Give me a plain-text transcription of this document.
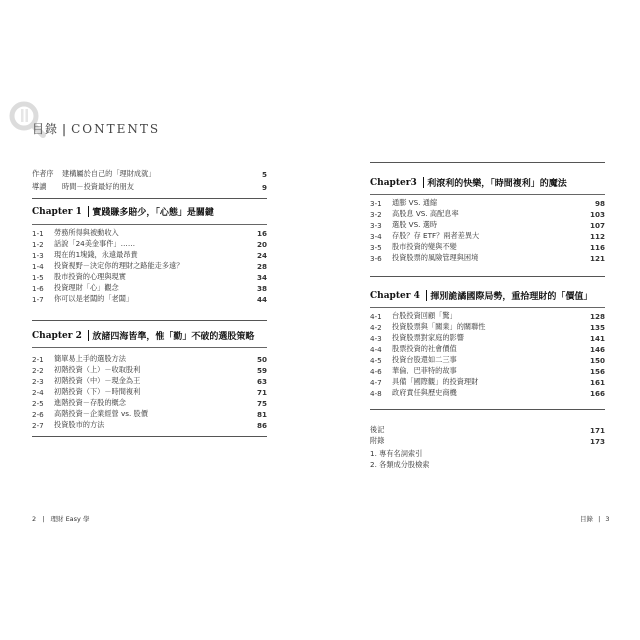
目錄 | CONTENTS
作者序	建構屬於自己的「理財成就」	5
導讀	時間－投資最好的朋友	9
Chapter 1 實踐賺多賠少，「心態」是關鍵
1-1	勞務所得與被動收入	16
1-2	話說「24美金事件」……	20
1-3	現在的1塊錢，永遠最昂貴	24
1-4	投資視野－決定你的理財之路能走多遠？	28
1-5	股市投資的心理與現實	34
1-6	投資理財「心」觀念	38
1-7	你可以是老闆的「老闆」	44
Chapter 2 放諸四海皆準，惟「勤」不破的選股策略
2-1	簡單易上手的選股方法	50
2-2	初階投資（上）－收取股利	59
2-3	初階投資（中）－現金為王	63
2-4	初階投資（下）－時間複利	71
2-5	進階投資－存股的概念	75
2-6	高階投資－企業經營 vs. 股價	81
2-7	投資股市的方法	86
2 | 理財 Easy 學
Chapter3 利滾利的快樂，「時間複利」的魔法
3-1	通膨 VS. 通縮	98
3-2	高股息 VS. 高配息率	103
3-3	選股 VS. 選時	107
3-4	存股？存 ETF？兩者差異大	112
3-5	股市投資的變與不變	116
3-6	投資股票的風險管理與困境	121
Chapter 4 揮別詭譎國際局勢，重拾理財的「價值」
4-1	台股投資回顧「驚」	128
4-2	投資股票與「關業」的關聯性	135
4-3	投資股票對家庭的影響	141
4-4	股票投資的社會價值	146
4-5	投資台股還如二三事	150
4-6	華倫．巴菲特的故事	156
4-7	具備「國際觀」的投資理財	161
4-8	政府責任與歷史商機	166
後記	171
附錄	173
1. 專有名詞索引
2. 各類成分股檢索
目錄 | 3
